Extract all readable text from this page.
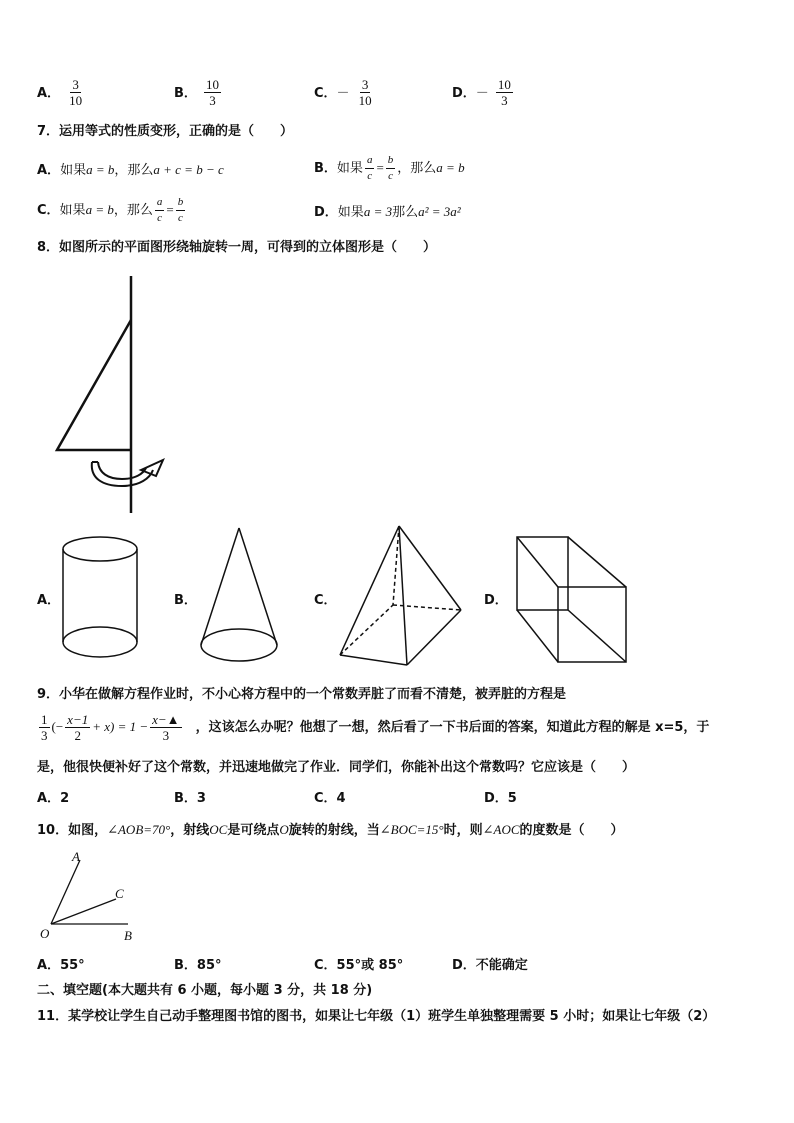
A． $\frac{3}{10}$	B． $\frac{10}{3}$	C．－ $\frac{3}{10}$	D．－ $\frac{10}{3}$
7．运用等式的性质变形，正确的是（　　）
A．如果a = b，那么a + c = b − c	B．如果 $\frac{a}{c} = \frac{b}{c}$ ，那么a = b
C．如果a = b，那么 $\frac{a}{c} = \frac{b}{c}$	D．如果a = 3那么a² = 3a²
8．如图所示的平面图形绕轴旋转一周，可得到的立体图形是（　　）
A．	B．	C．	D．
9．小华在做解方程作业时，不小心将方程中的一个常数弄脏了而看不清楚，被弄脏的方程是
$\frac{1}{3}$ (− $\frac{x-1}{2} + x) = 1 - \frac{x-▲}{3}$ ，这该怎么办呢？他想了一想，然后看了一下书后面的答案，知道此方程的解是 x=5，于
是，他很快便补好了这个常数，并迅速地做完了作业．同学们，你能补出这个常数吗？它应该是（　　）
A．2	B．3	C．4	D．5
10．如图，∠AOB=70°，射线OC是可绕点O旋转的射线，当∠BOC=15°时，则∠AOC的度数是（　　）
A
C
O	B
A．55°	B．85°	C．55°或 85°	D．不能确定
二、填空题(本大题共有 6 小题，每小题 3 分，共 18 分)
11．某学校让学生自己动手整理图书馆的图书，如果让七年级（1）班学生单独整理需要 5 小时；如果让七年级（2）
